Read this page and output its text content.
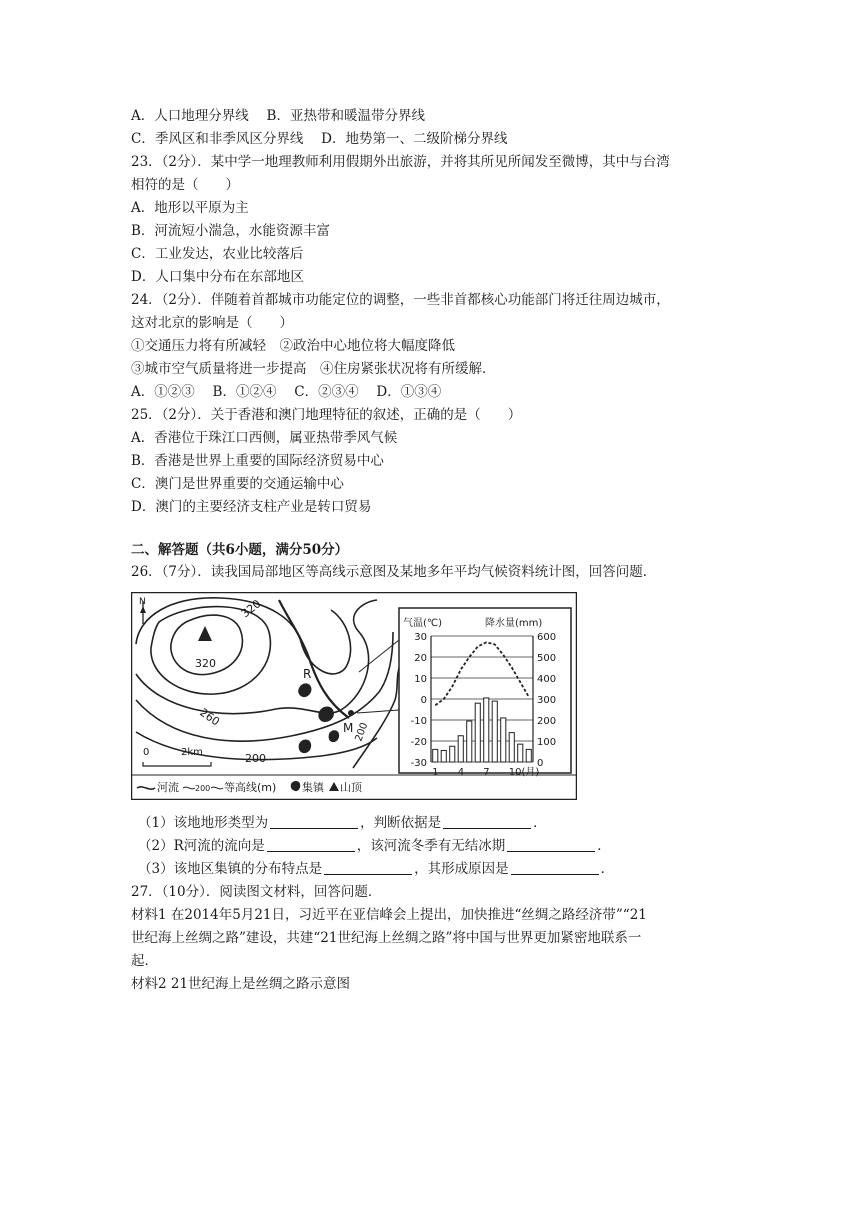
A．人口地理分界线　 B．亚热带和暖温带分界线
C．季风区和非季风区分界线　 D．地势第一、二级阶梯分界线
23．（2分）．某中学一地理教师利用假期外出旅游，并将其所见所闻发至微博，其中与台湾
相符的是（　　）
A．地形以平原为主
B．河流短小湍急，水能资源丰富
C．工业发达，农业比较落后
D．人口集中分布在东部地区
24．（2分）．伴随着首都城市功能定位的调整，一些非首都核心功能部门将迁往周边城市，
这对北京的影响是（　　）
①交通压力将有所减轻　②政治中心地位将大幅度降低
③城市空气质量将进一步提高　④住房紧张状况将有所缓解．
A．①②③　 B．①②④　 C．②③④　 D．①③④
25．（2分）．关于香港和澳门地理特征的叙述，正确的是（　　）
A．香港位于珠江口西侧，属亚热带季风气候
B．香港是世界上重要的国际经济贸易中心
C．澳门是世界重要的交通运输中心
D．澳门的主要经济支柱产业是转口贸易
二、解答题（共6小题，满分50分）
26．（7分）．读我国局部地区等高线示意图及某地多年平均气候资料统计图，回答问题．
N
320
320
260
200
200
R
M
0	2km
河流 200 等高线(m) 集镇 山顶
气温(℃)	降水量(mm)
30	600
20	500
10	400
0	300
-10	200
-20	100
-30	0
1 4 7 10(月)
（1）该地地形类型为	，判断依据是	．
（2）R河流的流向是	，该河流冬季有无结冰期	．
（3）该地区集镇的分布特点是	，其形成原因是	．
27．（10分）．阅读图文材料，回答问题．
材料1 在2014年5月21日，习近平在亚信峰会上提出，加快推进“丝绸之路经济带”“21
世纪海上丝绸之路”建设，共建“21世纪海上丝绸之路”将中国与世界更加紧密地联系一
起．
材料2 21世纪海上是丝绸之路示意图
